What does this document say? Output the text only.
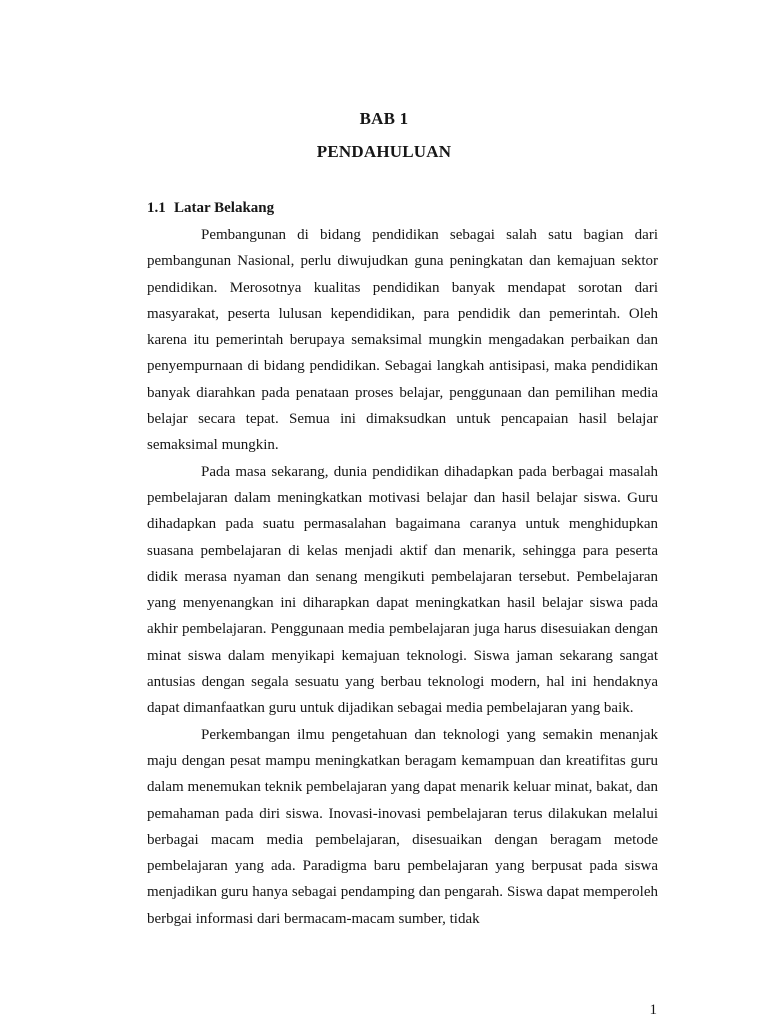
BAB 1
PENDAHULUAN
1.1 Latar Belakang

Pembangunan di bidang pendidikan sebagai salah satu bagian dari pembangunan Nasional, perlu diwujudkan guna peningkatan dan kemajuan sektor pendidikan. Merosotnya kualitas pendidikan banyak mendapat sorotan dari masyarakat, peserta lulusan kependidikan, para pendidik dan pemerintah. Oleh karena itu pemerintah berupaya semaksimal mungkin mengadakan perbaikan dan penyempurnaan di bidang pendidikan. Sebagai langkah antisipasi, maka pendidikan banyak diarahkan pada penataan proses belajar, penggunaan dan pemilihan media belajar secara tepat. Semua ini dimaksudkan untuk pencapaian hasil belajar semaksimal mungkin.

Pada masa sekarang, dunia pendidikan dihadapkan pada berbagai masalah pembelajaran dalam meningkatkan motivasi belajar dan hasil belajar siswa. Guru dihadapkan pada suatu permasalahan bagaimana caranya untuk menghidupkan suasana pembelajaran di kelas menjadi aktif dan menarik, sehingga para peserta didik merasa nyaman dan senang mengikuti pembelajaran tersebut. Pembelajaran yang menyenangkan ini diharapkan dapat meningkatkan hasil belajar siswa pada akhir pembelajaran. Penggunaan media pembelajaran juga harus disesuiakan dengan minat siswa dalam menyikapi kemajuan teknologi. Siswa jaman sekarang sangat antusias dengan segala sesuatu yang berbau teknologi modern, hal ini hendaknya dapat dimanfaatkan guru untuk dijadikan sebagai media pembelajaran yang baik.

Perkembangan ilmu pengetahuan dan teknologi yang semakin menanjak maju dengan pesat mampu meningkatkan beragam kemampuan dan kreatifitas guru dalam menemukan teknik pembelajaran yang dapat menarik keluar minat, bakat, dan pemahaman pada diri siswa. Inovasi-inovasi pembelajaran terus dilakukan melalui berbagai macam media pembelajaran, disesuaikan dengan beragam metode pembelajaran yang ada. Paradigma baru pembelajaran yang berpusat pada siswa menjadikan guru hanya sebagai pendamping dan pengarah. Siswa dapat memperoleh berbgai informasi dari bermacam-macam sumber, tidak

1
